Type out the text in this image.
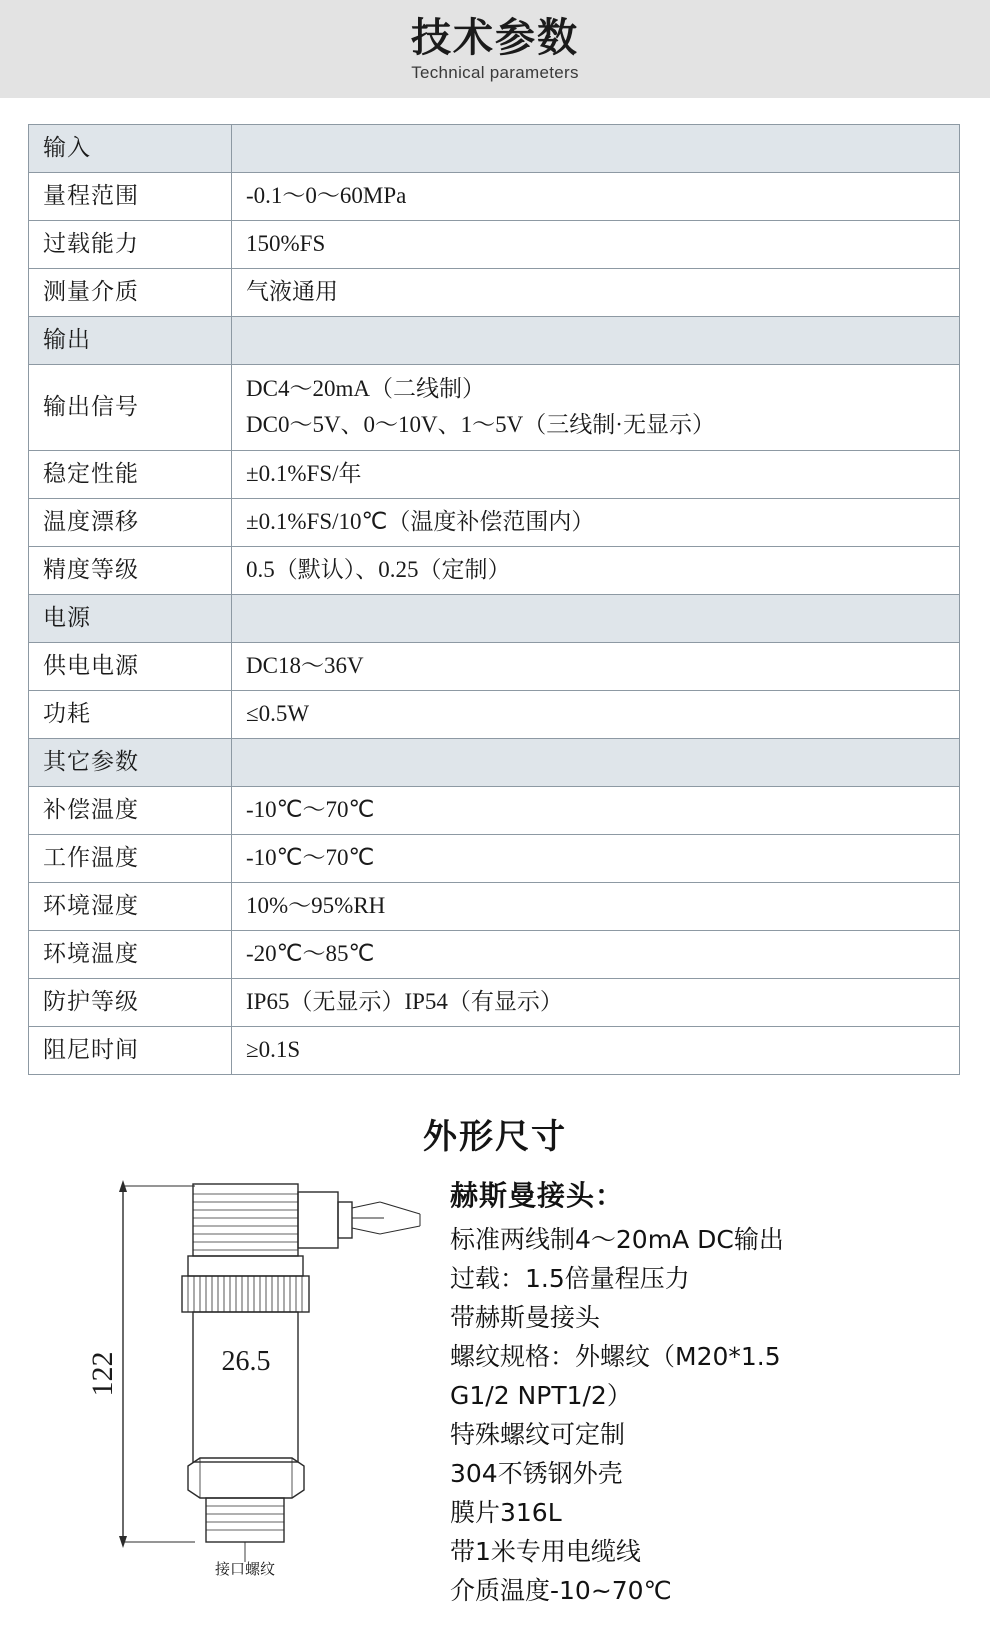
技术参数
Technical parameters
输入	
量程范围	-0.1～0～60MPa
过载能力	150%FS
测量介质	气液通用
输出	
输出信号	DC4～20mA（二线制）
DC0～5V、0～10V、1～5V（三线制·无显示）

稳定性能	±0.1%FS/年
温度漂移	±0.1%FS/10℃（温度补偿范围内）
精度等级	0.5（默认）、0.25（定制）
电源	
供电电源	DC18～36V
功耗	≤0.5W
其它参数	
补偿温度	-10℃～70℃
工作温度	-10℃～70℃
环境湿度	10%～95%RH
环境温度	-20℃～85℃
防护等级	IP65（无显示）IP54（有显示）
阻尼时间	≥0.1S
外形尺寸
122	26.5
接口螺纹
赫斯曼接头：
标准两线制4～20mA DC输出
过载：1.5倍量程压力
带赫斯曼接头
螺纹规格：外螺纹（M20*1.5
G1/2 NPT1/2）
特殊螺纹可定制
304不锈钢外壳
膜片316L
带1米专用电缆线
介质温度-10~70℃
